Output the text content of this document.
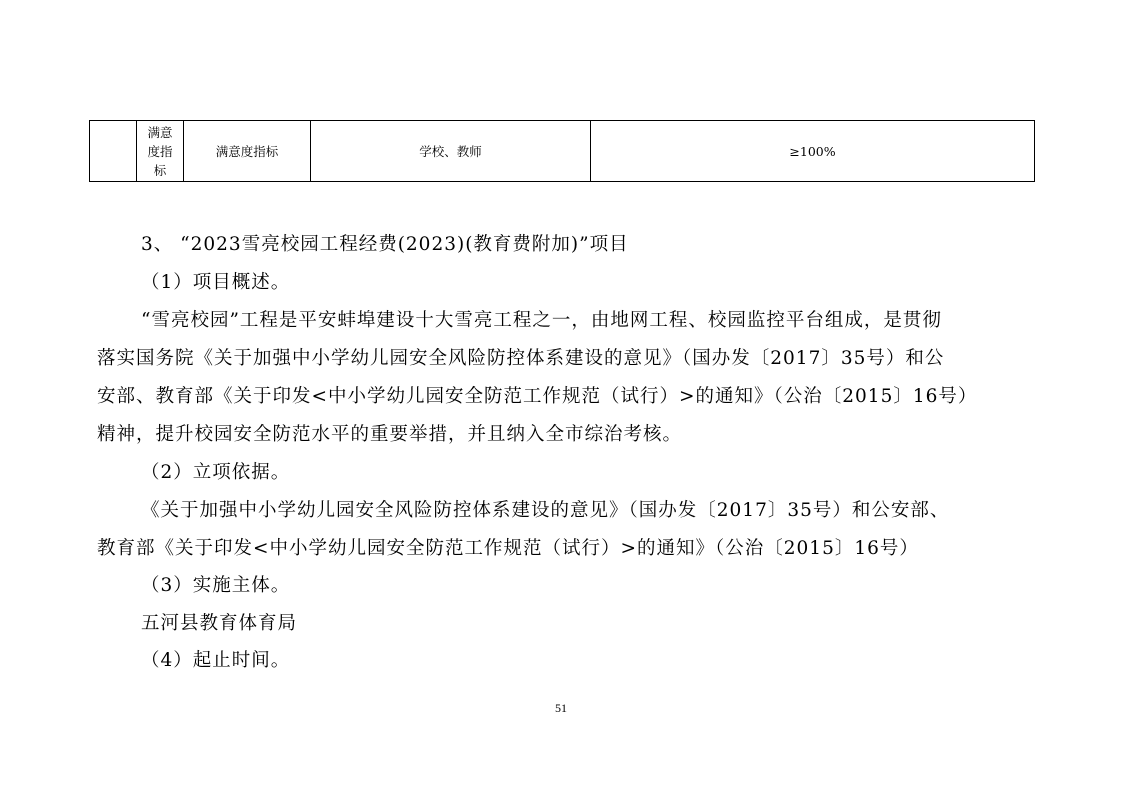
	满意度指标	满意度指标	学校、教师	≥100%

3、 “2023雪亮校园工程经费(2023)(教育费附加)”项目

（1）项目概述。

“雪亮校园”工程是平安蚌埠建设十大雪亮工程之一，由地网工程、校园监控平台组成，是贯彻

落实国务院《关于加强中小学幼儿园安全风险防控体系建设的意见》（国办发〔2017〕35号）和公

安部、教育部《关于印发<中小学幼儿园安全防范工作规范（试行）>的通知》（公治〔2015〕16号）

精神，提升校园安全防范水平的重要举措，并且纳入全市综治考核。

（2）立项依据。

《关于加强中小学幼儿园安全风险防控体系建设的意见》（国办发〔2017〕35号）和公安部、

教育部《关于印发<中小学幼儿园安全防范工作规范（试行）>的通知》（公治〔2015〕16号）

（3）实施主体。

五河县教育体育局

（4）起止时间。

51
